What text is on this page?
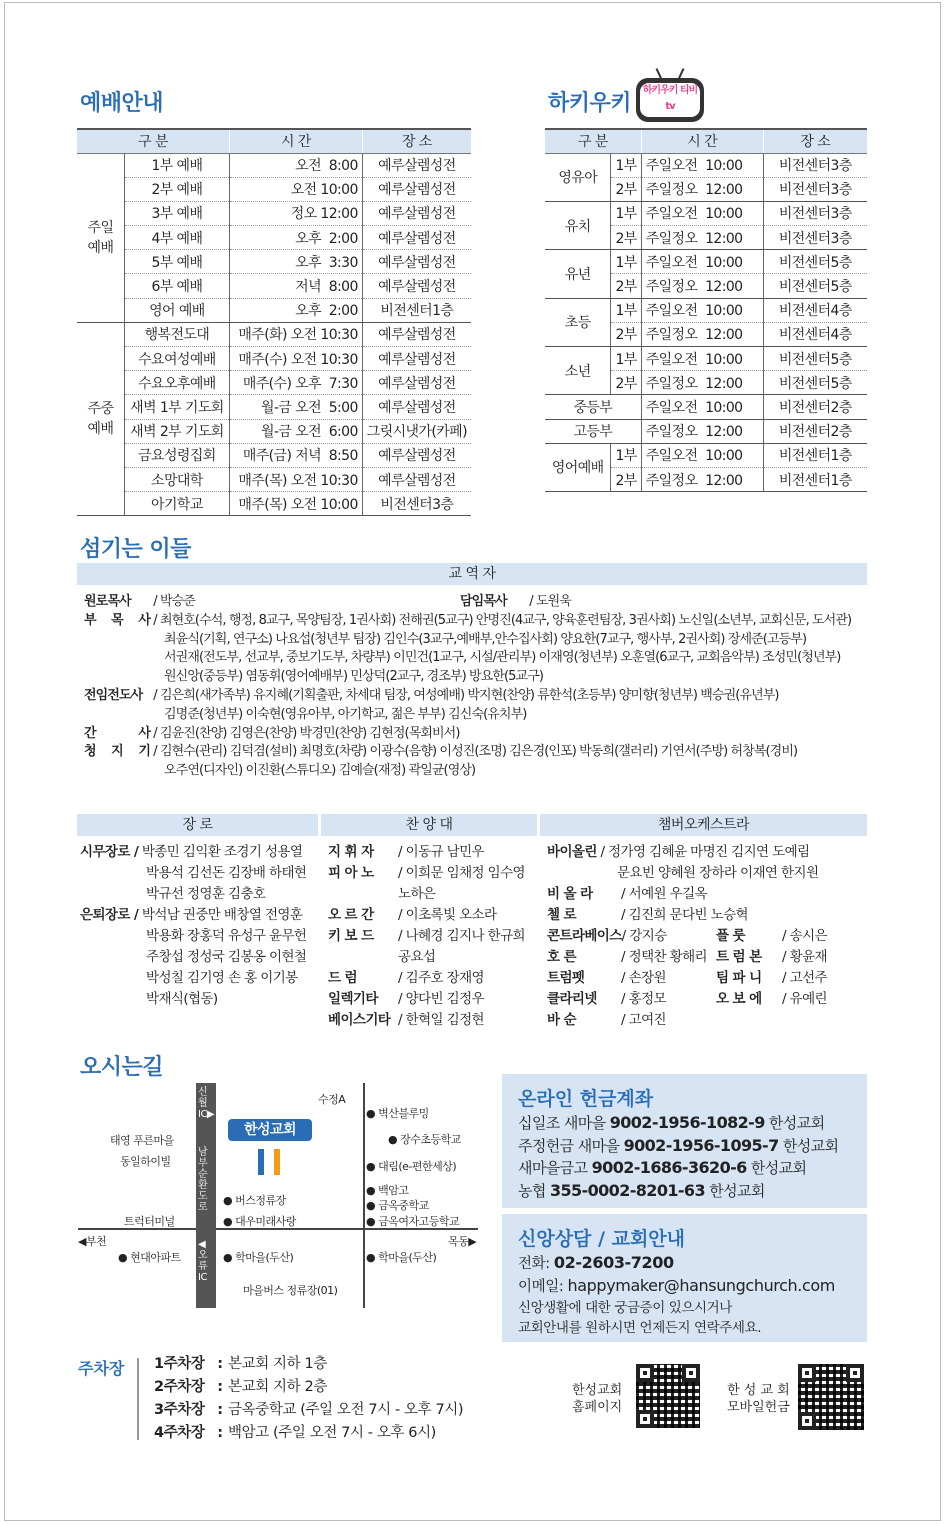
예배안내
구 분		시 간	장 소
주일
예배	1부 예배	오전  8:00	예루살렘성전
	2부 예배	오전 10:00	예루살렘성전
	3부 예배	정오 12:00	예루살렘성전
	4부 예배	오후  2:00	예루살렘성전
	5부 예배	오후  3:30	예루살렘성전
	6부 예배	저녁  8:00	예루살렘성전
	영어 예배	오후  2:00	비전센터1층
주중
예배	행복전도대	매주(화) 오전 10:30	예루살렘성전
	수요여성예배	매주(수) 오전 10:30	예루살렘성전
	수요오후예배	매주(수) 오후  7:30	예루살렘성전
	새벽 1부 기도회	월-금 오전  5:00	예루살렘성전
	새벽 2부 기도회	월-금 오전  6:00	그릿시냇가(카페)
	금요성령집회	매주(금) 저녁  8:50	예루살렘성전
	소망대학	매주(목) 오전 10:30	예루살렘성전
	아기학교	매주(목) 오전 10:00	비전센터3층
하키우키
하키우키 티비tv
구 분		시 간	장 소
영유아	1부	주일오전  10:00	비전센터3층
	2부	주일정오  12:00	비전센터3층
유치	1부	주일오전  10:00	비전센터3층
	2부	주일정오  12:00	비전센터3층
유년	1부	주일오전  10:00	비전센터5층
	2부	주일정오  12:00	비전센터5층
초등	1부	주일오전  10:00	비전센터4층
	2부	주일정오  12:00	비전센터4층
소년	1부	주일오전  10:00	비전센터5층
	2부	주일정오  12:00	비전센터5층
중등부		주일오전  10:00	비전센터2층
고등부		주일정오  12:00	비전센터2층
영어예배	1부	주일오전  10:00	비전센터1층
	2부	주일정오  12:00	비전센터1층
섬기는 이들
교 역 자
원로목사 / 박승준	담임목사 / 도원욱
부 목 사 / 최현호(수석, 행정, 8교구, 목양팀장, 1권사회) 전해권(5교구) 안명진(4교구, 양육훈련팀장, 3권사회) 노신일(소년부, 교회신문, 도서관)
최윤식(기획, 연구소) 나요섭(청년부 팀장) 김인수(3교구,예배부,안수집사회) 양요한(7교구, 행사부, 2권사회) 장세준(고등부)
서권재(전도부, 선교부, 중보기도부, 차량부) 이민건(1교구, 시설/관리부) 이재영(청년부) 오훈열(6교구, 교회음악부) 조성민(청년부)
원신앙(중등부) 염동휘(영어예배부) 민상덕(2교구, 경조부) 방요한(5교구)
전임전도사 / 김은희(새가족부) 유지혜(기획출판, 차세대 팀장, 여성예배) 박지현(찬양) 류한석(초등부) 양미향(청년부) 백승권(유년부)
김명준(청년부) 이숙현(영유아부, 아기학교, 젊은 부부) 김신숙(유치부)
간 사 / 김윤진(찬양) 김영은(찬양) 박경민(찬양) 김현정(목회비서)
청 지 기 / 김현수(관리) 김덕겸(설비) 최명호(차량) 이광수(음향) 이성진(조명) 김은경(인포) 박동희(갤러리) 기연서(주방) 허창복(경비)
오주연(디자인) 이진환(스튜디오) 김예슬(재정) 곽일균(영상)
장 로	찬 양 대	챔버오케스트라
시무장로 / 박종민 김익환 조경기 성용열
박용석 김선돈 김장배 하태현
박규선 정영훈 김충호
은퇴장로 / 박석남 권중만 배창열 전영훈
박용화 장홍덕 유성구 윤무헌
주창섭 정성국 김봉옹 이현철
박성칠 김기영 손 홍 이기봉
박재식(협동)
지 휘 자 / 이동규 남민우
피 아 노 / 이희문 임채정 임수영
노하은
오 르 간 / 이초록빛 오소라
키 보 드 / 나혜경 김지나 한규희
공요섭
드 럼	/ 김주호 장재영
일렉기타 / 양다빈 김정우
베이스기타 / 한혁일 김정현
바이올린 / 정가영 김혜윤 마명진 김지연 도예림
문요빈 양혜원 장하라 이재연 한지원
비 올 라 / 서예원 우길옥
첼 로	/ 김진희 문다빈 노승혁
콘트라베이스/ 강지승
호 른	/ 정택찬 황해리
트럼펫	/ 손장원
클라리넷 / 홍정모
바 순	/ 고여진
플 룻	/ 송시은
트 럼 본 / 황윤재
팀 파 니 / 고선주
오 보 에 / 유예린
오시는길
신월IC▶
남부순환도로
◀오류IC
한성교회
수정A
● 벽산블루밍
● 장수초등학교
태영 푸른마을
동일하이빌	● 대림(e-편한세상)
● 버스정류장
● 대우미래사랑
● 백암고
● 금옥중학교
● 금옥여자고등학교
트럭터미널
◀부천	목동▶
● 현대아파트	● 학마을(두산)	● 학마을(두산)
마을버스 정류장(01)
온라인 헌금계좌
십일조 새마을 9002-1956-1082-9 한성교회
주정헌금 새마을 9002-1956-1095-7 한성교회
새마을금고 9002-1686-3620-6 한성교회
농협 355-0002-8201-63 한성교회
신앙상담 / 교회안내
전화: 02-2603-7200
이메일: happymaker@hansungchurch.com
신앙생활에 대한 궁금증이 있으시거나
교회안내를 원하시면 언제든지 연락주세요.
주차장 1주차장 : 본교회 지하 1층
2주차장 : 본교회 지하 2층
3주차장 : 금옥중학교 (주일 오전 7시 - 오후 7시)
4주차장 : 백암고 (주일 오전 7시 - 오후 6시)
한성교회
홈페이지
한 성 교 회
모바일헌금
